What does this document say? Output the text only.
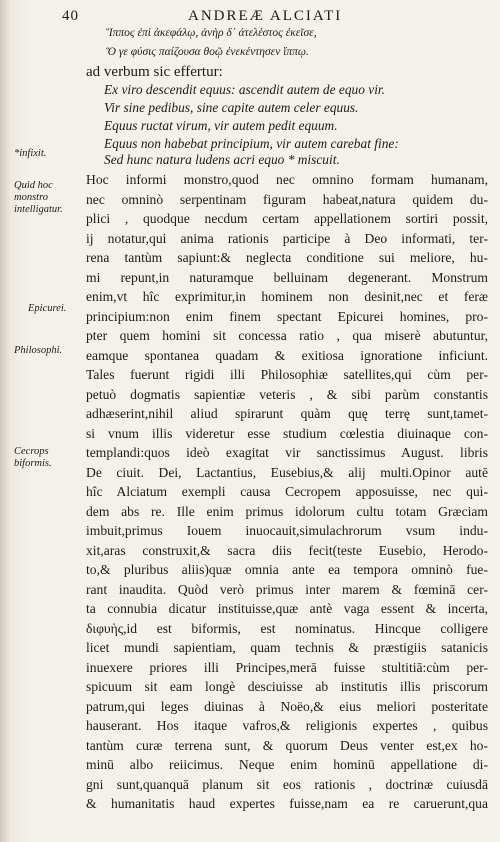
40	ANDREÆ ALCIATI
Ἵππος ἐπὶ ἀκεφάλῳ, ἀνὴρ δ᾽ ἀτελέστος ἐκεῖσε,
Ὅ γε φύσις παίζουσα θοῷ ἐνεκέντησεν ἵππῳ.
ad verbum sic effertur:
Ex viro descendit equus: ascendit autem de equo vir.
Vir sine pedibus, sine capite autem celer equus.
Equus ructat virum, vir autem pedit equum.
Equus non habebat principium, vir autem carebat fine:
Sed hunc natura ludens acri equo * miscuit.
*infixit.
Quid hoc monstro intelligatur.
Epicurei.
Philosophi.
Cecrops biformis.
Hoc informi monstro,quod nec omnino formam humanam,
nec omninò serpentinam figuram habeat,natura quidem du-
plici , quodque necdum certam appellationem sortiri possit,
ij notatur,qui anima rationis participe à Deo informati, ter-
rena tantùm sapiunt:& neglecta conditione sui meliore, hu-
mi repunt,in naturamque belluinam degenerant. Monstrum
enim,vt hîc exprimitur,in hominem non desinit,nec et feræ
principium:non enim finem spectant Epicurei homines, pro-
pter quem homini sit concessa ratio , qua miserè abutuntur,
eamque spontanea quadam & exitiosa ignoratione inficiunt.
Tales fuerunt rigidi illi Philosophiæ satellites,qui cùm per-
petuò dogmatis sapientiæ veteris , & sibi parùm constantis
adhæserint,nihil aliud spirarunt quàm quę terrę sunt,tamet-
si vnum illis videretur esse studium cœlestia diuinaque con-
templandi:quos ideò exagitat vir sanctissimus August. libris
De ciuit. Dei, Lactantius, Eusebius,& alij multi.Opinor autē
hîc Alciatum exempli causa Cecropem apposuisse, nec quì-
dem abs re. Ille enim primus idolorum cultu totam Græciam
imbuit,primus Iouem inuocauit,simulachrorum vsum indu-
xit,aras construxit,& sacra diis fecit(teste Eusebio, Herodo-
to,& pluribus aliis)quæ omnia ante ea tempora omninò fue-
rant inaudita. Quòd verò primus inter marem & fœminā cer-
ta connubia dicatur instituisse,quæ antè vaga essent & incerta,
διφυὴς,id est biformis, est nominatus. Hincque colligere
licet mundi sapientiam, quam technis & præstigiis satanicis
inuexere priores illi Principes,merā fuisse stultitiā:cùm per-
spicuum sit eam longè desciuisse ab institutis illis priscorum
patrum,qui leges diuinas à Noëo,& eius meliori posteritate
hauserant. Hos itaque vafros,& religionis expertes , quibus
tantùm curæ terrena sunt, & quorum Deus venter est,ex ho-
minū albo reiicimus. Neque enim hominū appellatione di-
gni sunt,quanquā planum sit eos rationis , doctrinæ cuiusdā
& humanitatis haud expertes fuisse,nam ea re caruerunt,qua
